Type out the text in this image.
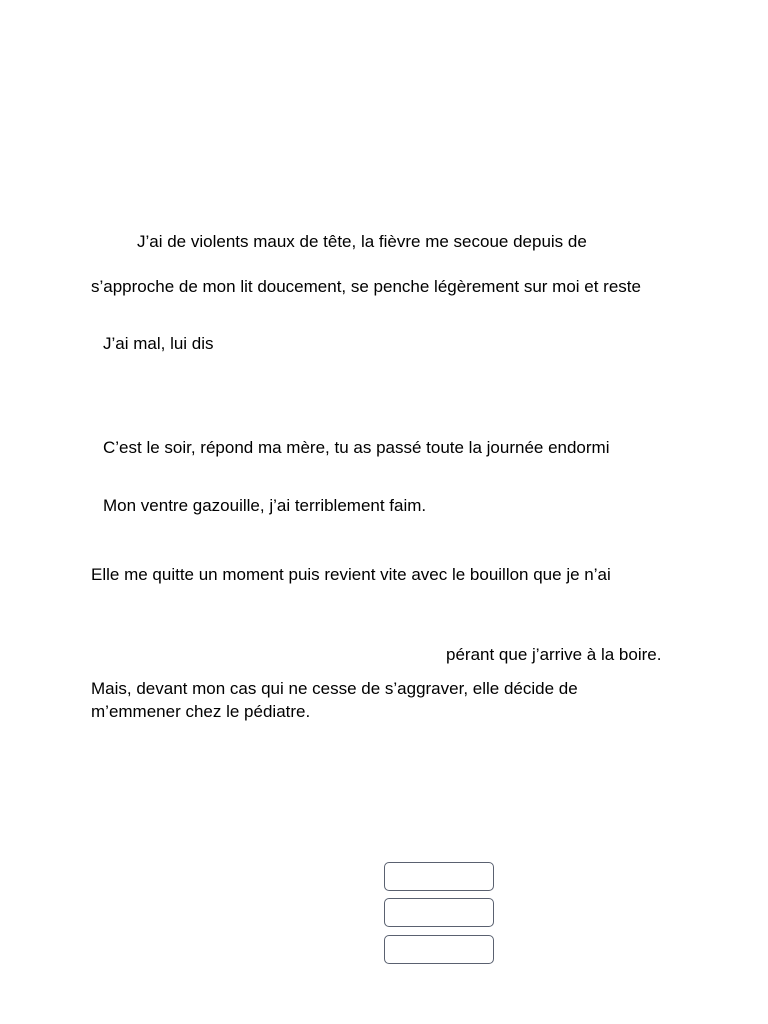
J’ai de violents maux de tête, la fièvre me secoue depuis de

s’approche de mon lit doucement, se penche légèrement sur moi et reste

J’ai mal, lui dis

C’est le soir, répond ma mère, tu as passé toute la journée endormi

Mon ventre gazouille, j’ai terriblement faim.

Elle me quitte un moment puis revient vite avec le bouillon que je n’ai

pérant que j’arrive à la boire.

Mais, devant mon cas qui ne cesse de s’aggraver, elle décide de

m’emmener chez le pédiatre.
